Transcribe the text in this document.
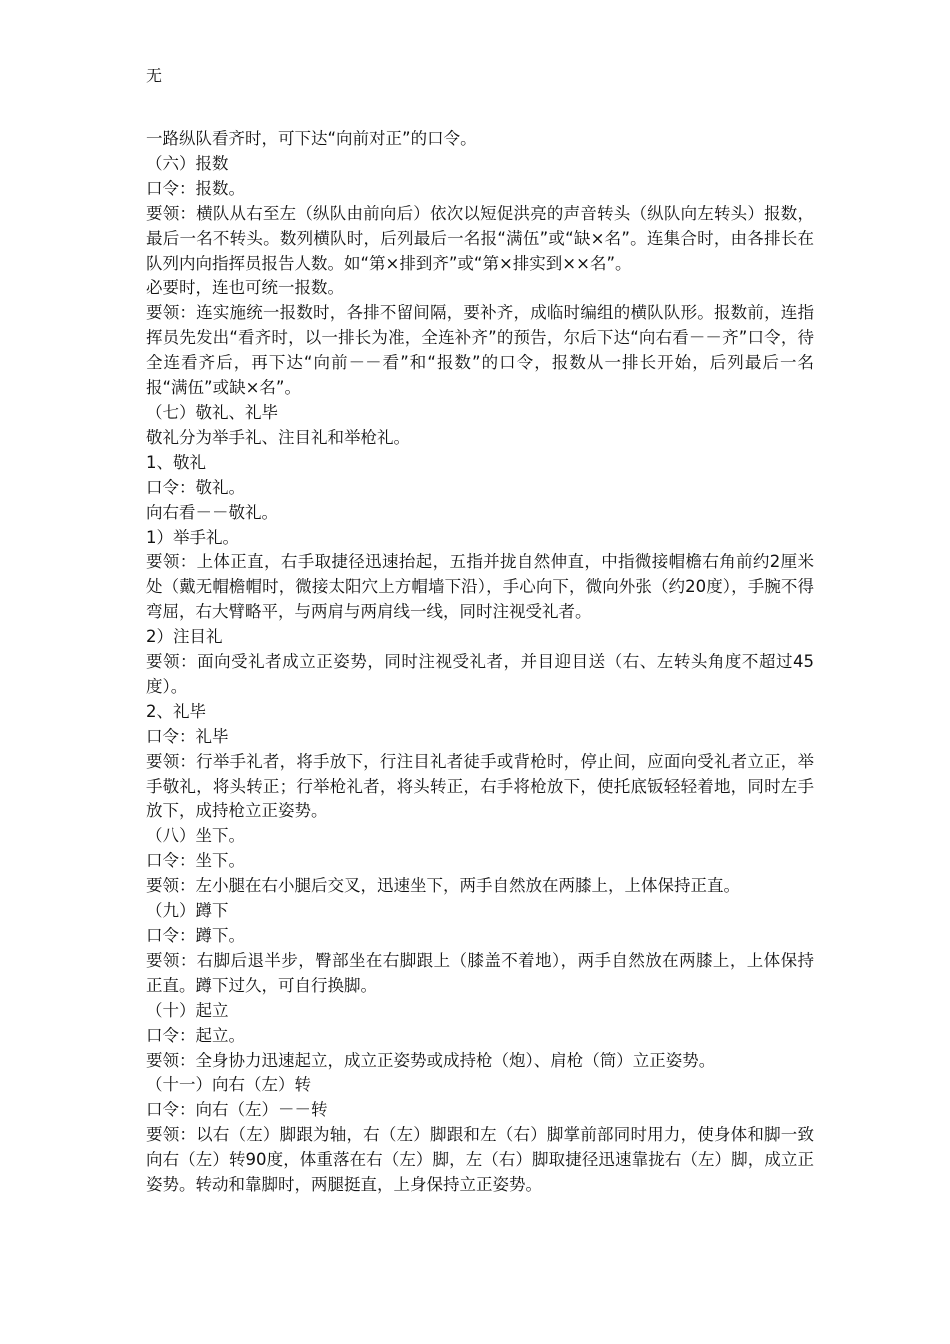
无

一路纵队看齐时，可下达“向前对正”的口令。

（六）报数

口令：报数。

要领：横队从右至左（纵队由前向后）依次以短促洪亮的声音转头（纵队向左转头）报数，最后一名不转头。数列横队时，后列最后一名报“满伍”或“缺×名”。连集合时，由各排长在队列内向指挥员报告人数。如“第×排到齐”或“第×排实到××名”。

必要时，连也可统一报数。

要领：连实施统一报数时，各排不留间隔，要补齐，成临时编组的横队队形。报数前，连指挥员先发出“看齐时，以一排长为准，全连补齐”的预告，尔后下达“向右看－－齐”口令，待全连看齐后，再下达“向前－－看”和“报数”的口令，报数从一排长开始，后列最后一名报“满伍”或缺×名”。

（七）敬礼、礼毕

敬礼分为举手礼、注目礼和举枪礼。

1、敬礼

口令：敬礼。

向右看－－敬礼。

1）举手礼。

要领：上体正直，右手取捷径迅速抬起，五指并拢自然伸直，中指微接帽檐右角前约2厘米处（戴无帽檐帽时，微接太阳穴上方帽墙下沿），手心向下，微向外张（约20度），手腕不得弯屈，右大臂略平，与两肩与两肩线一线，同时注视受礼者。

2）注目礼

要领：面向受礼者成立正姿势，同时注视受礼者，并目迎目送（右、左转头角度不超过45度）。

2、礼毕

口令：礼毕

要领：行举手礼者，将手放下，行注目礼者徒手或背枪时，停止间，应面向受礼者立正，举手敬礼，将头转正；行举枪礼者，将头转正，右手将枪放下，使托底钣轻轻着地，同时左手放下，成持枪立正姿势。

（八）坐下。

口令：坐下。

要领：左小腿在右小腿后交叉，迅速坐下，两手自然放在两膝上，上体保持正直。

（九）蹲下

口令：蹲下。

要领：右脚后退半步，臀部坐在右脚跟上（膝盖不着地），两手自然放在两膝上，上体保持正直。蹲下过久，可自行换脚。

（十）起立

口令：起立。

要领：全身协力迅速起立，成立正姿势或成持枪（炮）、肩枪（筒）立正姿势。

（十一）向右（左）转

口令：向右（左）－－转

要领：以右（左）脚跟为轴，右（左）脚跟和左（右）脚掌前部同时用力，使身体和脚一致向右（左）转90度，体重落在右（左）脚，左（右）脚取捷径迅速靠拢右（左）脚，成立正姿势。转动和靠脚时，两腿挺直，上身保持立正姿势。
